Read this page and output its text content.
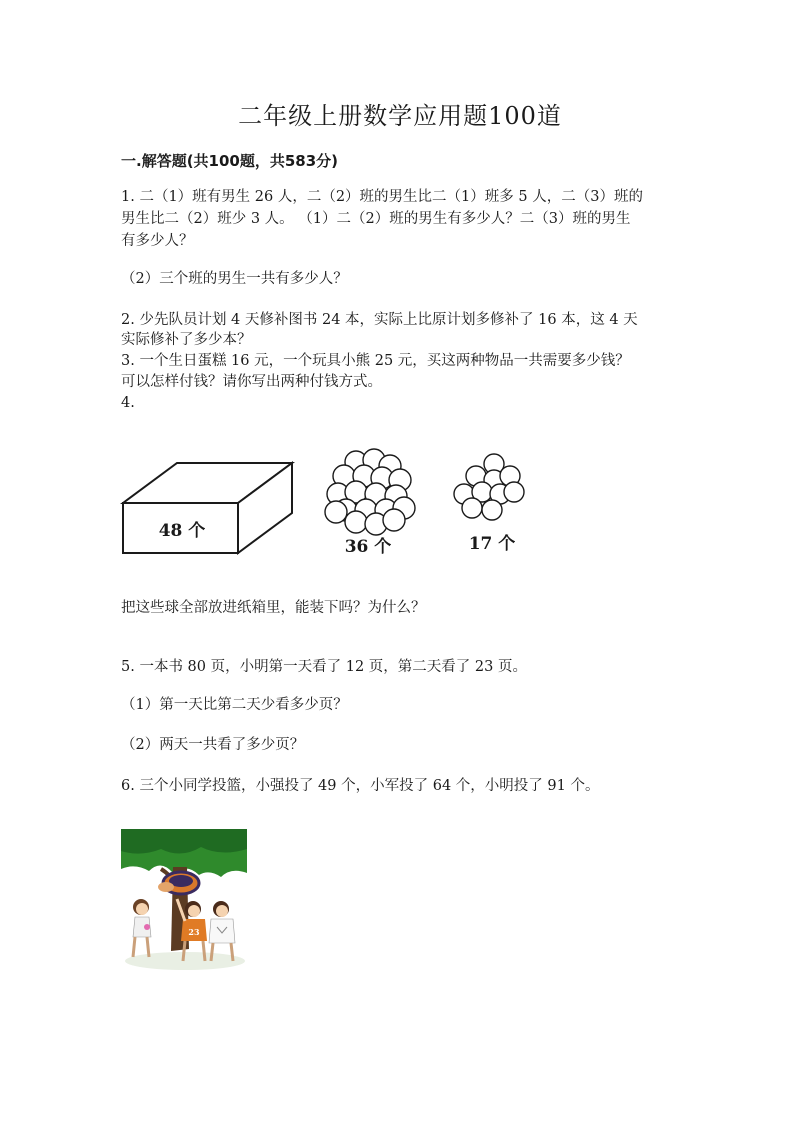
二年级上册数学应用题100道
一.解答题(共100题，共583分)
1. 二（1）班有男生 26 人，二（2）班的男生比二（1）班多 5 人，二（3）班的
男生比二（2）班少 3 人。 （1）二（2）班的男生有多少人？二（3）班的男生
有多少人？
（2）三个班的男生一共有多少人？
2. 少先队员计划 4 天修补图书 24 本，实际上比原计划多修补了 16 本，这 4 天
实际修补了多少本？
3. 一个生日蛋糕 16 元，一个玩具小熊 25 元，买这两种物品一共需要多少钱？
可以怎样付钱？请你写出两种付钱方式。
4.
48 个
36 个	17 个
把这些球全部放进纸箱里，能装下吗？为什么？
5. 一本书 80 页，小明第一天看了 12 页，第二天看了 23 页。
（1）第一天比第二天少看多少页？
（2）两天一共看了多少页？
6. 三个小同学投篮，小强投了 49 个，小军投了 64 个，小明投了 91 个。
23
